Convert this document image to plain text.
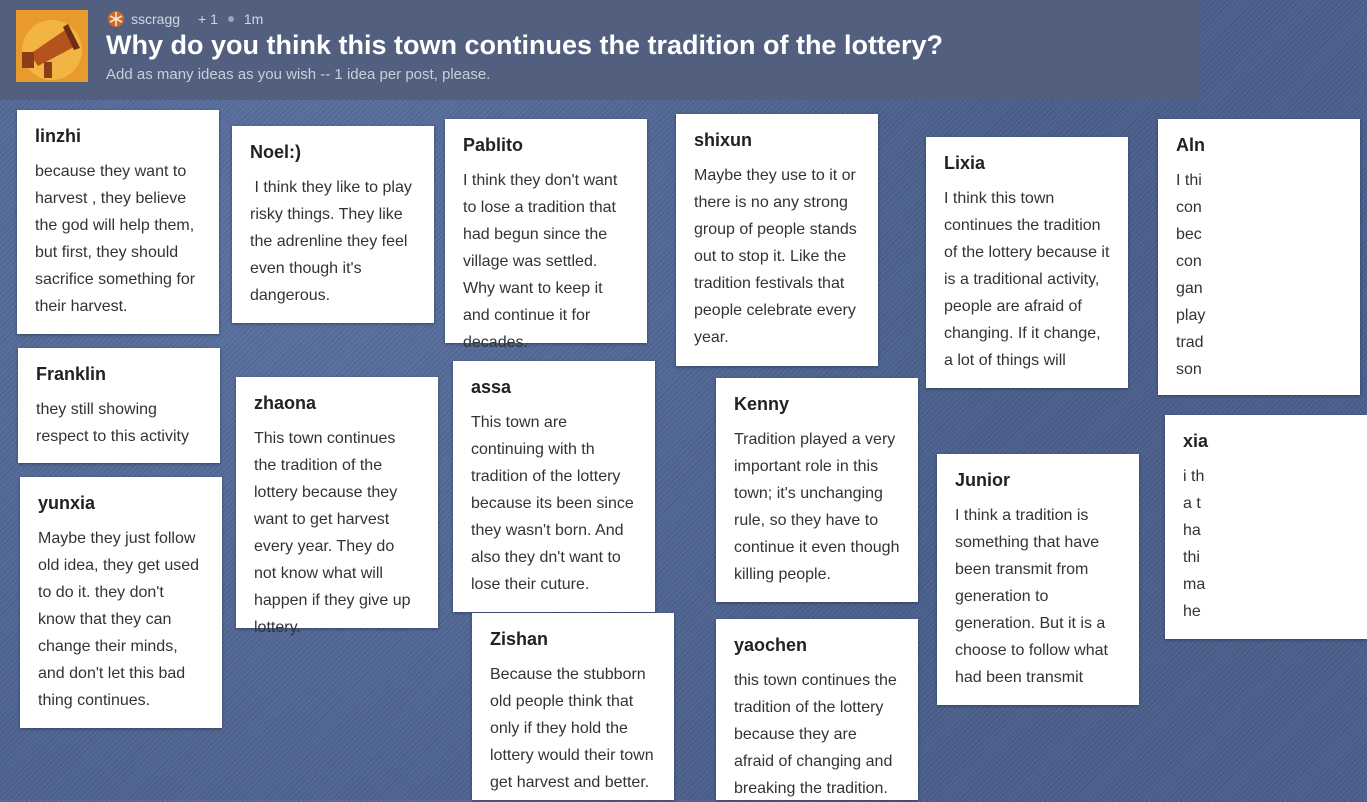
sscragg + 1 1m
Why do you think this town continues the tradition of the lottery?
Add as many ideas as you wish -- 1 idea per post, please.
linzhi
because they want to harvest , they believe the god will help them, but first, they should sacrifice something for their harvest.
Noel:)
I think they like to play risky things. They like the adrenline they feel even though it's dangerous.
Pablito
I think they don't want to lose a tradition that had begun since the village was settled.
Why want to keep it and continue it for decades.
shixun
Maybe they use to it or there is no any strong group of people stands out to stop it. Like the tradition festivals that people celebrate every year.
Lixia
I think this town continues the tradition of the lottery because it is a traditional activity, people are afraid of changing. If it change, a lot of things will
Aln
I thi
con
bec
con
gan
play
trad
son
Franklin
they still showing respect to this activity
zhaona
This town continues the tradition of the lottery because they want to get harvest every year. They do not know what will happen if they give up lottery.
assa
This town are continuing with th tradition of the lottery because its been since they wasn't born. And also they dn't want to lose their cuture.
Kenny
Tradition played a very important role in this town; it's unchanging rule, so they have to continue it even though killing people.
Junior
I think a tradition is something that have been transmit from generation to generation. But it is a choose to follow what had been transmit
xia
i th
a t
ha
thi
ma
he
yunxia
Maybe they just follow old idea, they get used to do it. they don't know that they can change their minds, and don't let this bad thing continues.
Zishan
Because the stubborn old people think that only if they hold the lottery would their town get harvest and better.
yaochen
this town continues the tradition of the lottery because they are afraid of changing and breaking the tradition.
